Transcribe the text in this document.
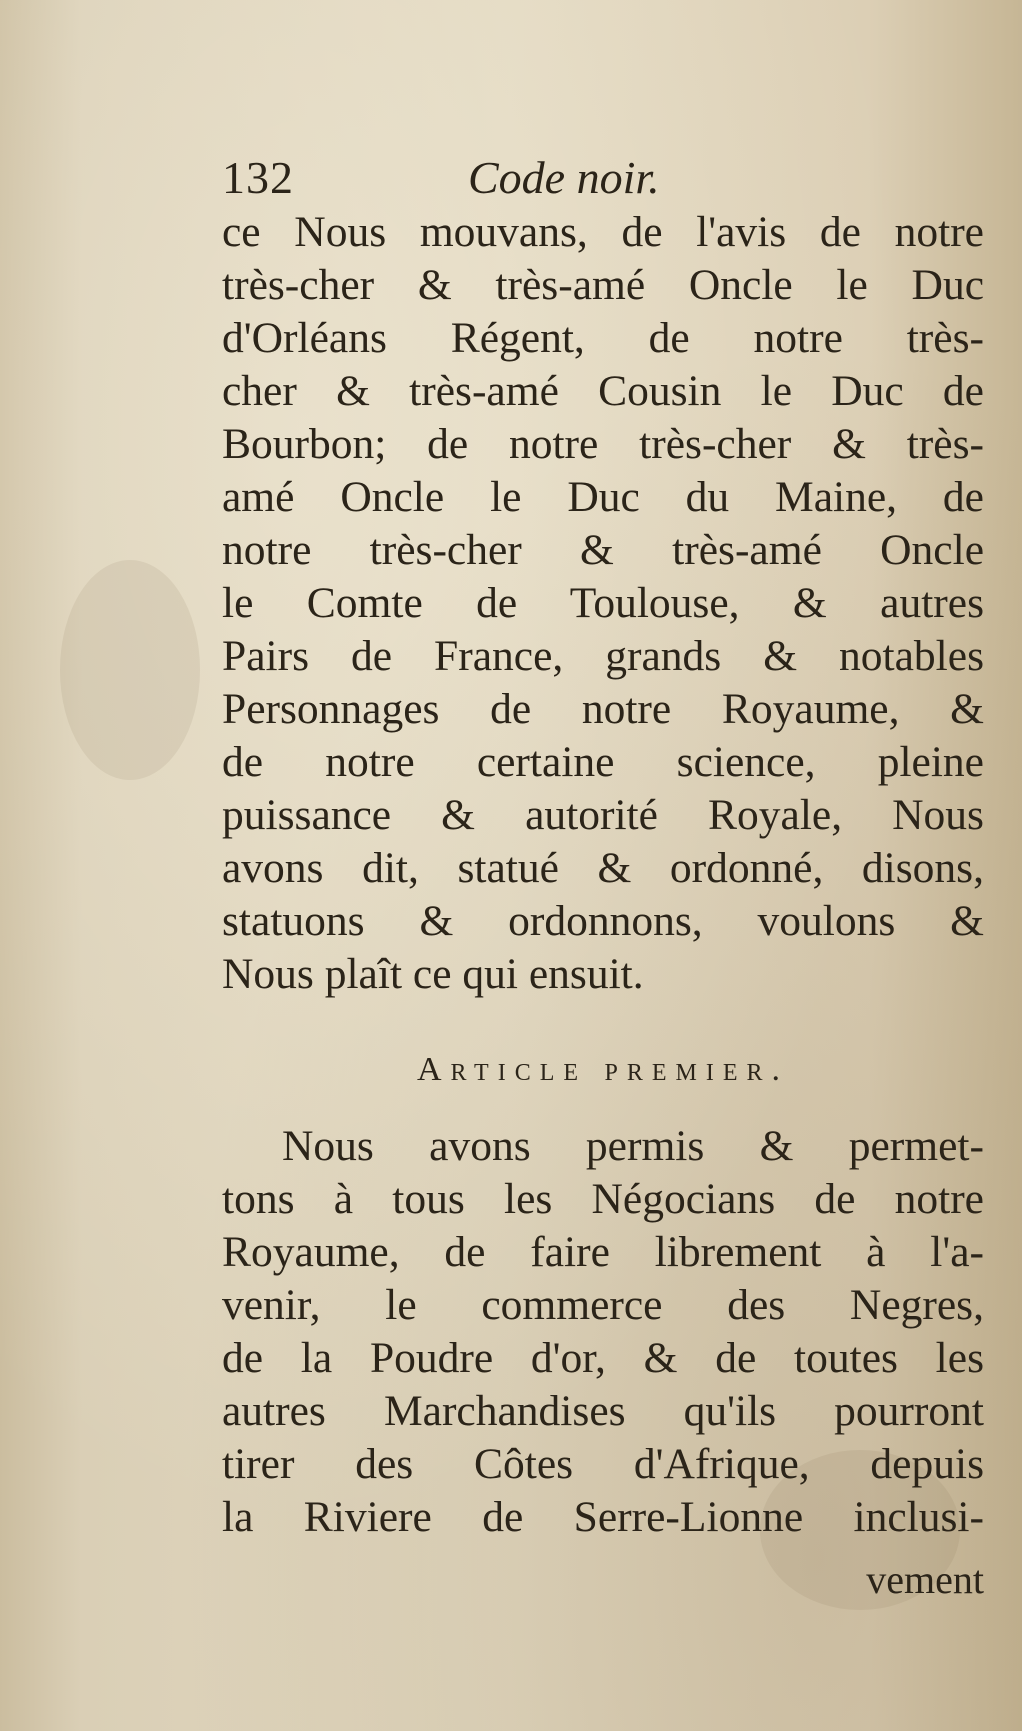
132	Code noir.
ce Nous mouvans, de l'avis de notre
très-cher & très-amé Oncle le Duc
d'Orléans Régent, de notre très-
cher & très-amé Cousin le Duc de
Bourbon; de notre très-cher & très-
amé Oncle le Duc du Maine, de
notre très-cher & très-amé Oncle
le Comte de Toulouse, & autres
Pairs de France, grands & notables
Personnages de notre Royaume, &
de notre certaine science, pleine
puissance & autorité Royale, Nous
avons dit, statué & ordonné, disons,
statuons & ordonnons, voulons &
Nous plaît ce qui ensuit.
Article premier.
Nous avons permis & permet-
tons à tous les Négocians de notre
Royaume, de faire librement à l'a-
venir, le commerce des Negres,
de la Poudre d'or, & de toutes les
autres Marchandises qu'ils pourront
tirer des Côtes d'Afrique, depuis
la Riviere de Serre-Lionne inclusi-
vement
